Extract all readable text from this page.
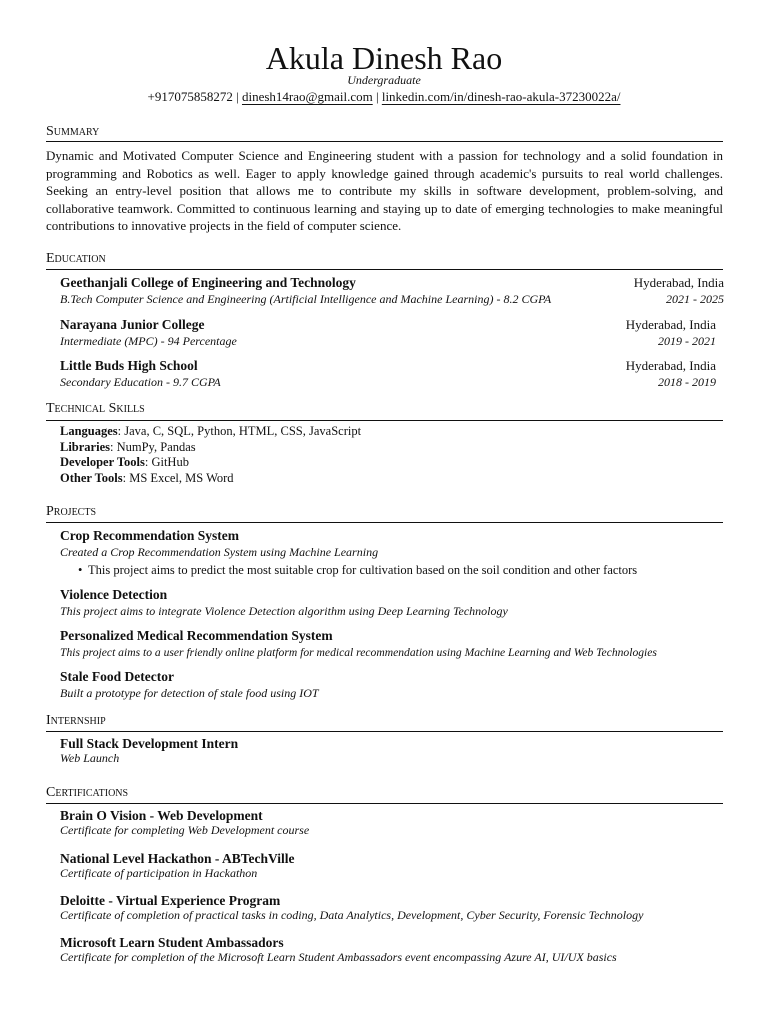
Akula Dinesh Rao
Undergraduate
+917075858272 | dinesh14rao@gmail.com | linkedin.com/in/dinesh-rao-akula-37230022a/
Summary
Dynamic and Motivated Computer Science and Engineering student with a passion for technology and a solid foundation in programming and Robotics as well. Eager to apply knowledge gained through academic's pursuits to real world challenges. Seeking an entry-level position that allows me to contribute my skills in software development, problem-solving, and collaborative teamwork. Committed to continuous learning and staying up to date of emerging technologies to make meaningful contributions to innovative projects in the field of computer science.
Education
Geethanjali College of Engineering and Technology	Hyderabad, India
B.Tech Computer Science and Engineering (Artificial Intelligence and Machine Learning) - 8.2 CGPA	2021 - 2025
Narayana Junior College	Hyderabad, India
Intermediate (MPC) - 94 Percentage	2019 - 2021
Little Buds High School	Hyderabad, India
Secondary Education - 9.7 CGPA	2018 - 2019
Technical Skills
Languages: Java, C, SQL, Python, HTML, CSS, JavaScript
Libraries: NumPy, Pandas
Developer Tools: GitHub
Other Tools: MS Excel, MS Word
Projects
Crop Recommendation System
Created a Crop Recommendation System using Machine Learning
• This project aims to predict the most suitable crop for cultivation based on the soil condition and other factors
Violence Detection
This project aims to integrate Violence Detection algorithm using Deep Learning Technology
Personalized Medical Recommendation System
This project aims to a user friendly online platform for medical recommendation using Machine Learning and Web Technologies
Stale Food Detector
Built a prototype for detection of stale food using IOT
Internship
Full Stack Development Intern
Web Launch
Certifications
Brain O Vision - Web Development
Certificate for completing Web Development course
National Level Hackathon - ABTechVille
Certificate of participation in Hackathon
Deloitte - Virtual Experience Program
Certificate of completion of practical tasks in coding, Data Analytics, Development, Cyber Security, Forensic Technology
Microsoft Learn Student Ambassadors
Certificate for completion of the Microsoft Learn Student Ambassadors event encompassing Azure AI, UI/UX basics
